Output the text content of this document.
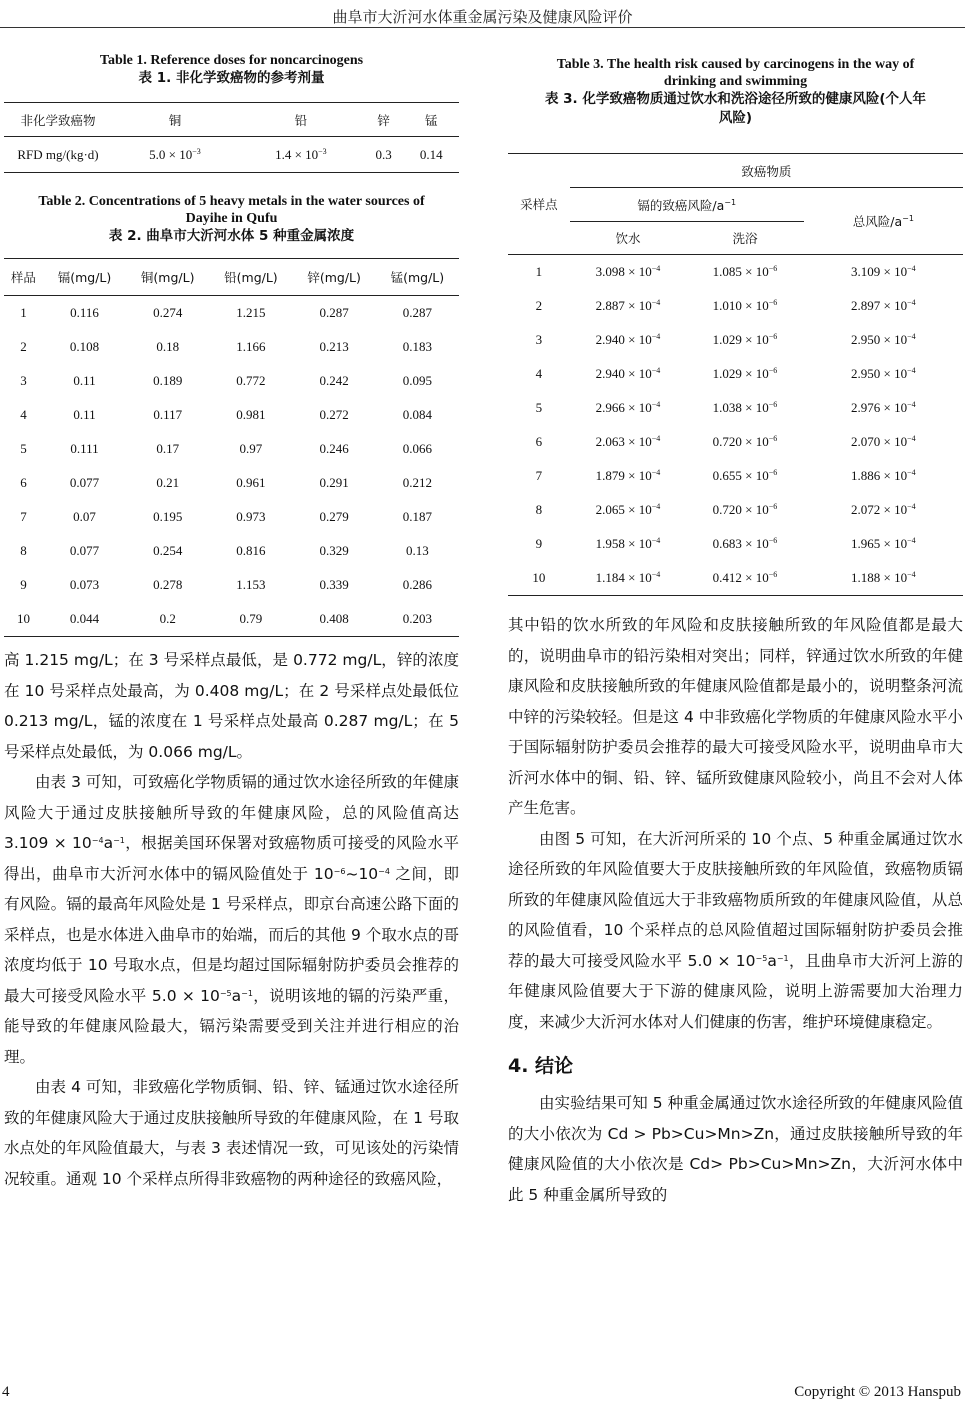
曲阜市大沂河水体重金属污染及健康风险评价
Table 1. Reference doses for noncarcinogens
表 1. 非化学致癌物的参考剂量
非化学致癌物	铜	铅	锌	锰
RFD mg/(kg·d)	$5.0 \times 10^{-3}$	$1.4 \times 10^{-3}$	0.3	0.14
Table 2. Concentrations of 5 heavy metals in the water sources of
Dayihe in Qufu
表 2. 曲阜市大沂河水体 5 种重金属浓度
样品	镉(mg/L)	铜(mg/L)	铅(mg/L)	锌(mg/L)	锰(mg/L)
1	0.116	0.274	1.215	0.287	0.287
2	0.108	0.18	1.166	0.213	0.183
3	0.11	0.189	0.772	0.242	0.095
4	0.11	0.117	0.981	0.272	0.084
5	0.111	0.17	0.97	0.246	0.066
6	0.077	0.21	0.961	0.291	0.212
7	0.07	0.195	0.973	0.279	0.187
8	0.077	0.254	0.816	0.329	0.13
9	0.073	0.278	1.153	0.339	0.286
10	0.044	0.2	0.79	0.408	0.203

高 1.215 mg/L；在 3 号采样点最低，是 0.772 mg/L，锌的浓度在 10 号采样点处最高，为 0.408 mg/L；在 2 号采样点处最低位 0.213 mg/L，锰的浓度在 1 号采样点处最高 0.287 mg/L；在 5 号采样点处最低，为 0.066 mg/L。

由表 3 可知，可致癌化学物质镉的通过饮水途径所致的年健康风险大于通过皮肤接触所导致的年健康风险，总的风险值高达 $3.109 \times 10^{-4}a^{-1}$，根据美国环保署对致癌物质可接受的风险水平得出，曲阜市大沂河水体中的镉风险值处于 $10^{-6}\sim 10^{-4}$ 之间，即有风险。镉的最高年风险处是 1 号采样点，即京台高速公路下面的采样点，也是水体进入曲阜市的始端，而后的其他 9 个取水点的哥浓度均低于 10 号取水点，但是均超过国际辐射防护委员会推荐的最大可接受风险水平 $5.0 \times 10^{-5}a^{-1}$，说明该地的镉的污染严重，能导致的年健康风险最大，镉污染需要受到关注并进行相应的治理。

由表 4 可知，非致癌化学物质铜、铅、锌、锰通过饮水途径所致的年健康风险大于通过皮肤接触所导致的年健康风险，在 1 号取水点处的年风险值最大，与表 3 表述情况一致，可见该处的污染情况较重。通观 10 个采样点所得非致癌物的两种途径的致癌风险，

Table 3. The health risk caused by carcinogens in the way of
drinking and swimming
表 3. 化学致癌物质通过饮水和洗浴途径所致的健康风险(个人年
风险)
采样点	致癌物质		
	镉的致癌风险$/a^{-1}$		总风险$/a^{-1}$
	饮水	洗浴	

1	$3.098 \times 10^{-4}$	$1.085 \times 10^{-6}$	$3.109 \times 10^{-4}$
2	$2.887 \times 10^{-4}$	$1.010 \times 10^{-6}$	$2.897 \times 10^{-4}$
3	$2.940 \times 10^{-4}$	$1.029 \times 10^{-6}$	$2.950 \times 10^{-4}$
4	$2.940 \times 10^{-4}$	$1.029 \times 10^{-6}$	$2.950 \times 10^{-4}$
5	$2.966 \times 10^{-4}$	$1.038 \times 10^{-6}$	$2.976 \times 10^{-4}$
6	$2.063 \times 10^{-4}$	$0.720 \times 10^{-6}$	$2.070 \times 10^{-4}$
7	$1.879 \times 10^{-4}$	$0.655 \times 10^{-6}$	$1.886 \times 10^{-4}$
8	$2.065 \times 10^{-4}$	$0.720 \times 10^{-6}$	$2.072 \times 10^{-4}$
9	$1.958 \times 10^{-4}$	$0.683 \times 10^{-6}$	$1.965 \times 10^{-4}$
10	$1.184 \times 10^{-4}$	$0.412 \times 10^{-6}$	$1.188 \times 10^{-4}$

其中铅的饮水所致的年风险和皮肤接触所致的年风险值都是最大的，说明曲阜市的铅污染相对突出；同样，锌通过饮水所致的年健康风险和皮肤接触所致的年健康风险值都是最小的，说明整条河流中锌的污染较轻。但是这 4 中非致癌化学物质的年健康风险水平小于国际辐射防护委员会推荐的最大可接受风险水平，说明曲阜市大沂河水体中的铜、铅、锌、锰所致健康风险较小，尚且不会对人体产生危害。

由图 5 可知，在大沂河所采的 10 个点、5 种重金属通过饮水途径所致的年风险值要大于皮肤接触所致的年风险值，致癌物质镉所致的年健康风险值远大于非致癌物质所致的年健康风险值，从总的风险值看，10 个采样点的总风险值超过国际辐射防护委员会推荐的最大可接受风险水平 $5.0 \times 10^{-5}a^{-1}$，且曲阜市大沂河上游的年健康风险值要大于下游的健康风险，说明上游需要加大治理力度，来减少大沂河水体对人们健康的伤害，维护环境健康稳定。

4. 结论

由实验结果可知 5 种重金属通过饮水途径所致的年健康风险值的大小依次为 Cd > Pb>Cu>Mn>Zn，通过皮肤接触所导致的年健康风险值的大小依次是 Cd> Pb>Cu>Mn>Zn，大沂河水体中此 5 种重金属所导致的

4	Copyright © 2013 Hanspub
